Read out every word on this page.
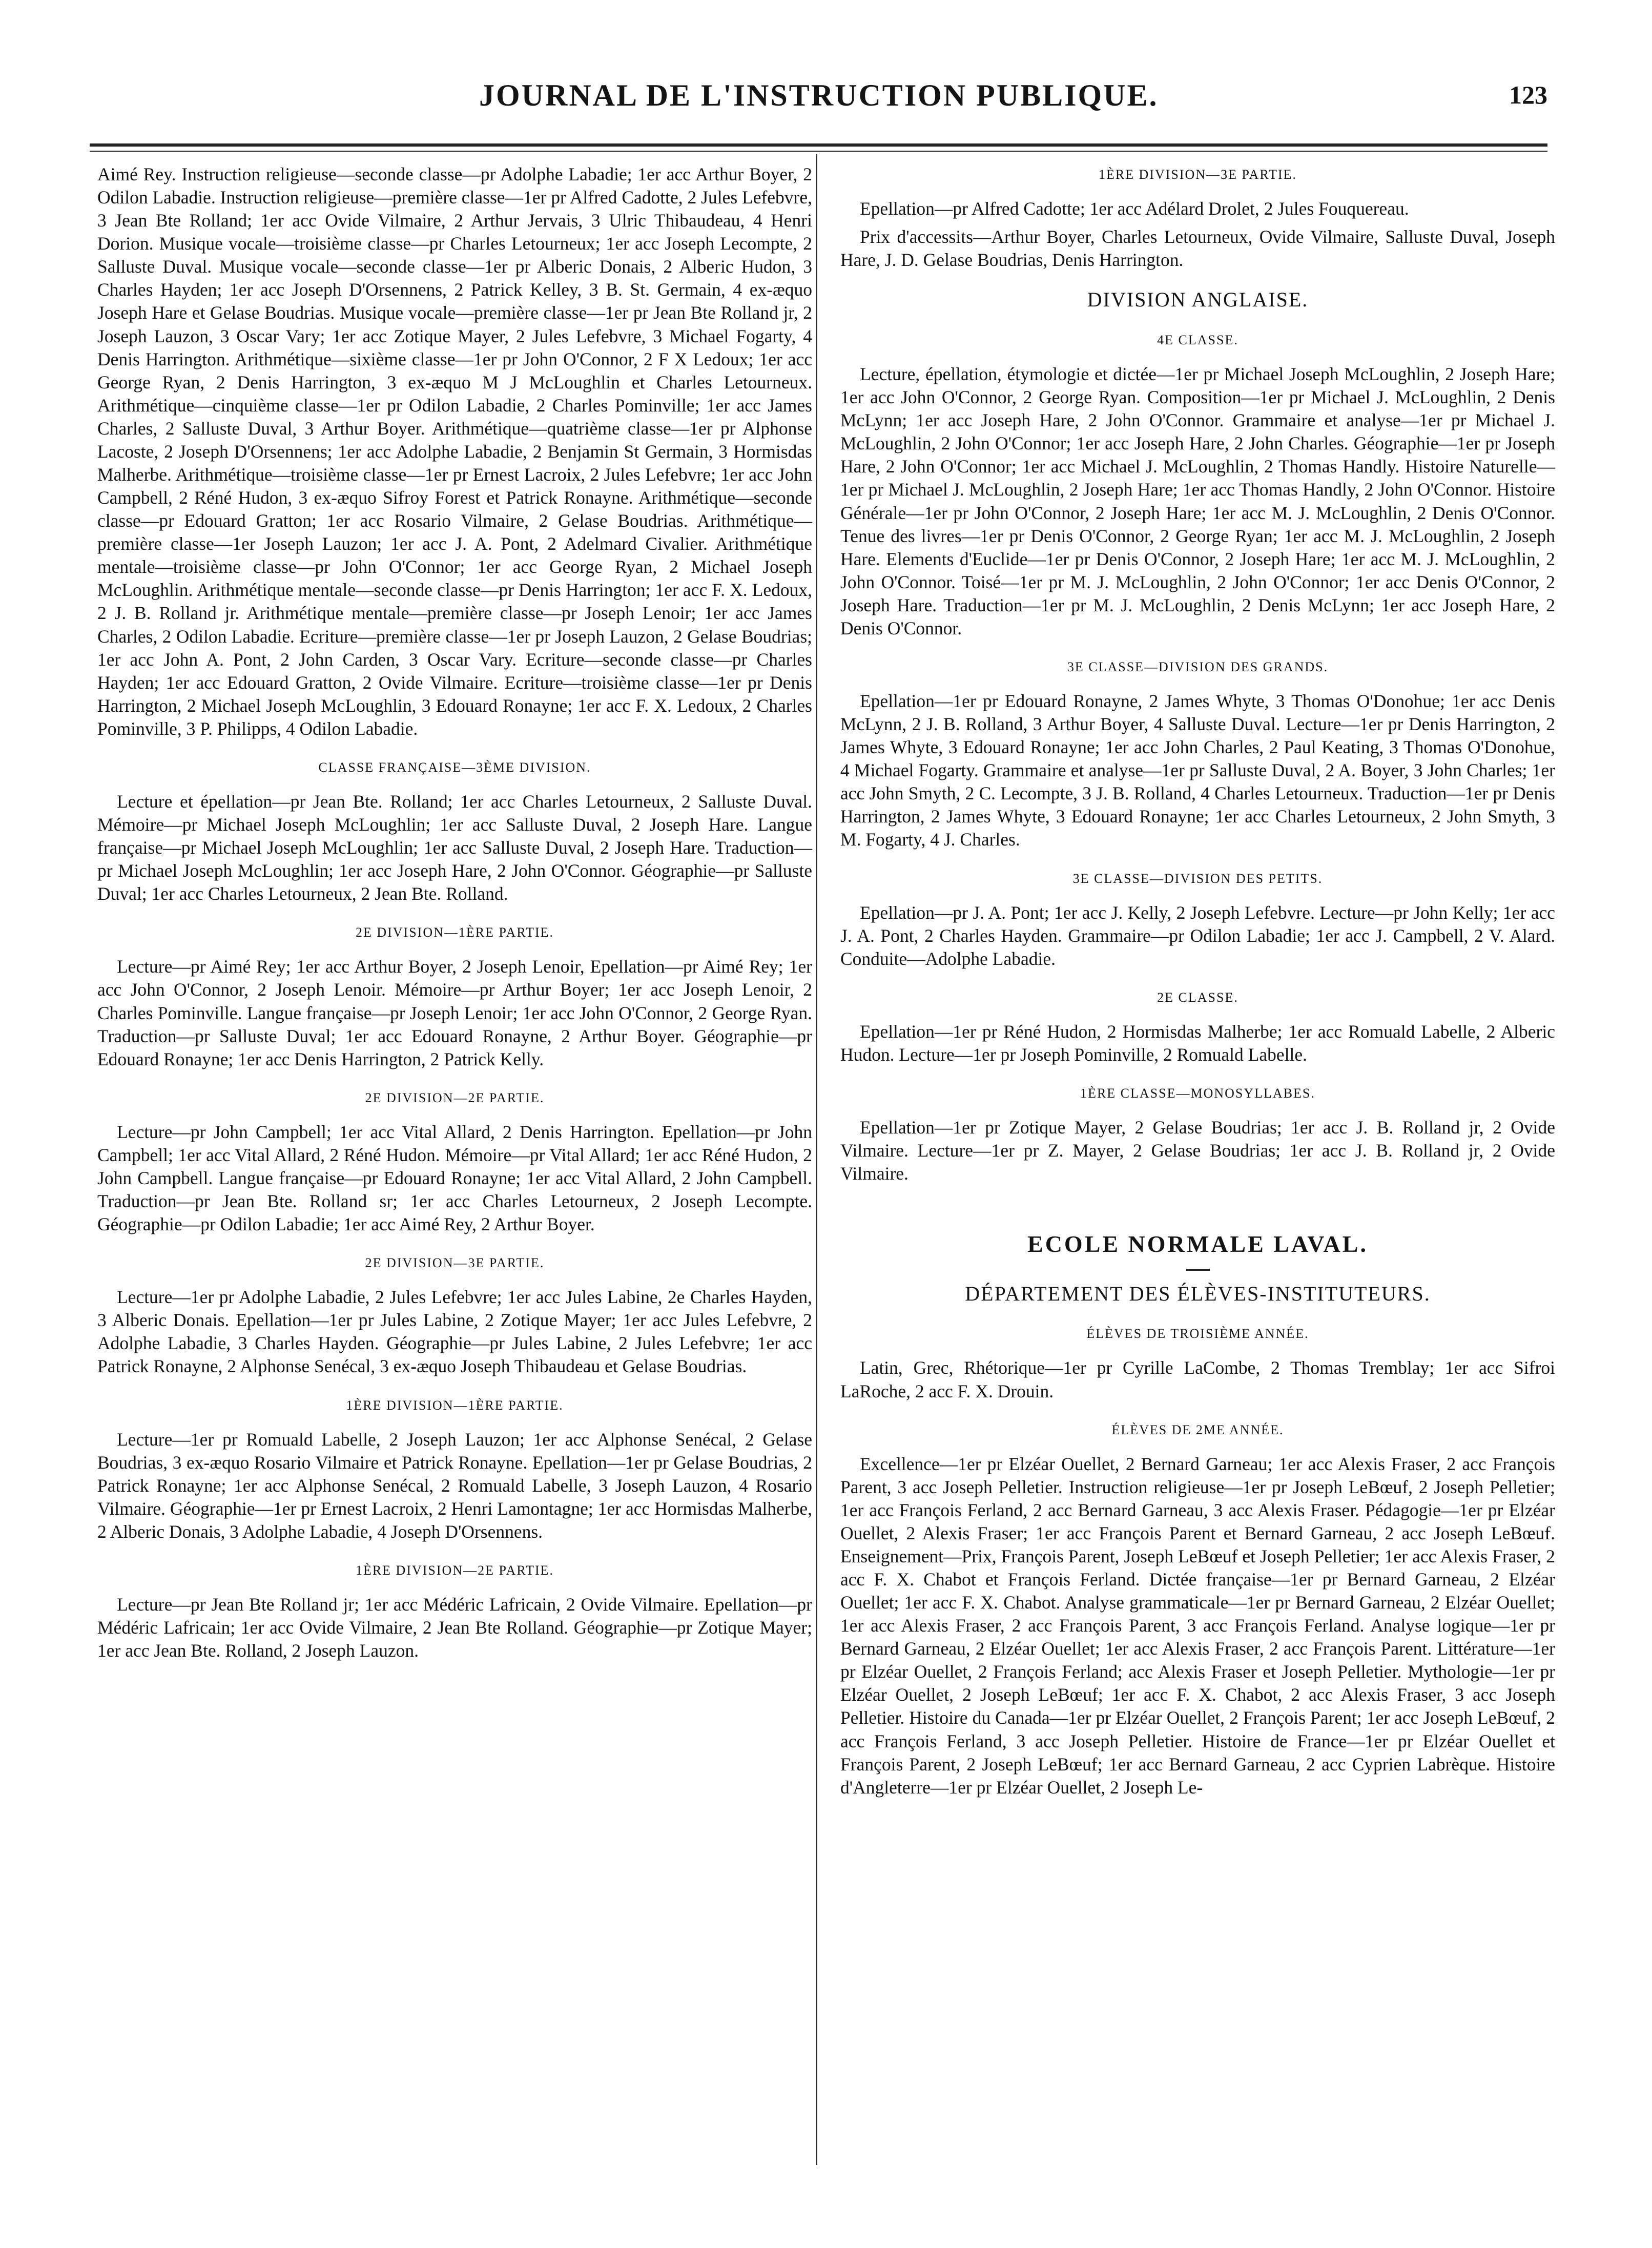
JOURNAL DE L'INSTRUCTION PUBLIQUE.	123

Aimé Rey. Instruction religieuse—seconde classe—pr Adolphe Labadie; 1er acc Arthur Boyer, 2 Odilon Labadie. Instruction religieuse—première classe—1er pr Alfred Cadotte, 2 Jules Lefebvre, 3 Jean Bte Rolland; 1er acc Ovide Vilmaire, 2 Arthur Jervais, 3 Ulric Thibaudeau, 4 Henri Dorion. Musique vocale—troisième classe—pr Charles Letourneux; 1er acc Joseph Lecompte, 2 Salluste Duval. Musique vocale—seconde classe—1er pr Alberic Donais, 2 Alberic Hudon, 3 Charles Hayden; 1er acc Joseph D'Orsennens, 2 Patrick Kelley, 3 B. St. Germain, 4 ex-æquo Joseph Hare et Gelase Boudrias. Musique vocale—première classe—1er pr Jean Bte Rolland jr, 2 Joseph Lauzon, 3 Oscar Vary; 1er acc Zotique Mayer, 2 Jules Lefebvre, 3 Michael Fogarty, 4 Denis Harrington. Arithmétique—sixième classe—1er pr John O'Connor, 2 F X Ledoux; 1er acc George Ryan, 2 Denis Harrington, 3 ex-æquo M J McLoughlin et Charles Letourneux. Arithmétique—cinquième classe—1er pr Odilon Labadie, 2 Charles Pominville; 1er acc James Charles, 2 Salluste Duval, 3 Arthur Boyer. Arithmétique—quatrième classe—1er pr Alphonse Lacoste, 2 Joseph D'Orsennens; 1er acc Adolphe Labadie, 2 Benjamin St Germain, 3 Hormisdas Malherbe. Arithmétique—troisième classe—1er pr Ernest Lacroix, 2 Jules Lefebvre; 1er acc John Campbell, 2 Réné Hudon, 3 ex-æquo Sifroy Forest et Patrick Ronayne. Arithmétique—seconde classe—pr Edouard Gratton; 1er acc Rosario Vilmaire, 2 Gelase Boudrias. Arithmétique—première classe—1er Joseph Lauzon; 1er acc J. A. Pont, 2 Adelmard Civalier. Arithmétique mentale—troisième classe—pr John O'Connor; 1er acc George Ryan, 2 Michael Joseph McLoughlin. Arithmétique mentale—seconde classe—pr Denis Harrington; 1er acc F. X. Ledoux, 2 J. B. Rolland jr. Arithmétique mentale—première classe—pr Joseph Lenoir; 1er acc James Charles, 2 Odilon Labadie. Ecriture—première classe—1er pr Joseph Lauzon, 2 Gelase Boudrias; 1er acc John A. Pont, 2 John Carden, 3 Oscar Vary. Ecriture—seconde classe—pr Charles Hayden; 1er acc Edouard Gratton, 2 Ovide Vilmaire. Ecriture—troisième classe—1er pr Denis Harrington, 2 Michael Joseph McLoughlin, 3 Edouard Ronayne; 1er acc F. X. Ledoux, 2 Charles Pominville, 3 P. Philipps, 4 Odilon Labadie.

CLASSE FRANÇAISE—3ÈME DIVISION.

Lecture et épellation—pr Jean Bte. Rolland; 1er acc Charles Letourneux, 2 Salluste Duval. Mémoire—pr Michael Joseph McLoughlin; 1er acc Salluste Duval, 2 Joseph Hare. Langue française—pr Michael Joseph McLoughlin; 1er acc Salluste Duval, 2 Joseph Hare. Traduction—pr Michael Joseph McLoughlin; 1er acc Joseph Hare, 2 John O'Connor. Géographie—pr Salluste Duval; 1er acc Charles Letourneux, 2 Jean Bte. Rolland.

2E DIVISION—1ÈRE PARTIE.

Lecture—pr Aimé Rey; 1er acc Arthur Boyer, 2 Joseph Lenoir, Epellation—pr Aimé Rey; 1er acc John O'Connor, 2 Joseph Lenoir. Mémoire—pr Arthur Boyer; 1er acc Joseph Lenoir, 2 Charles Pominville. Langue française—pr Joseph Lenoir; 1er acc John O'Connor, 2 George Ryan. Traduction—pr Salluste Duval; 1er acc Edouard Ronayne, 2 Arthur Boyer. Géographie—pr Edouard Ronayne; 1er acc Denis Harrington, 2 Patrick Kelly.

2E DIVISION—2E PARTIE.

Lecture—pr John Campbell; 1er acc Vital Allard, 2 Denis Harrington. Epellation—pr John Campbell; 1er acc Vital Allard, 2 Réné Hudon. Mémoire—pr Vital Allard; 1er acc Réné Hudon, 2 John Campbell. Langue française—pr Edouard Ronayne; 1er acc Vital Allard, 2 John Campbell. Traduction—pr Jean Bte. Rolland sr; 1er acc Charles Letourneux, 2 Joseph Lecompte. Géographie—pr Odilon Labadie; 1er acc Aimé Rey, 2 Arthur Boyer.

2E DIVISION—3E PARTIE.

Lecture—1er pr Adolphe Labadie, 2 Jules Lefebvre; 1er acc Jules Labine, 2e Charles Hayden, 3 Alberic Donais. Epellation—1er pr Jules Labine, 2 Zotique Mayer; 1er acc Jules Lefebvre, 2 Adolphe Labadie, 3 Charles Hayden. Géographie—pr Jules Labine, 2 Jules Lefebvre; 1er acc Patrick Ronayne, 2 Alphonse Senécal, 3 ex-æquo Joseph Thibaudeau et Gelase Boudrias.

1ÈRE DIVISION—1ÈRE PARTIE.

Lecture—1er pr Romuald Labelle, 2 Joseph Lauzon; 1er acc Alphonse Senécal, 2 Gelase Boudrias, 3 ex-æquo Rosario Vilmaire et Patrick Ronayne. Epellation—1er pr Gelase Boudrias, 2 Patrick Ronayne; 1er acc Alphonse Senécal, 2 Romuald Labelle, 3 Joseph Lauzon, 4 Rosario Vilmaire. Géographie—1er pr Ernest Lacroix, 2 Henri Lamontagne; 1er acc Hormisdas Malherbe, 2 Alberic Donais, 3 Adolphe Labadie, 4 Joseph D'Orsennens.

1ÈRE DIVISION—2E PARTIE.

Lecture—pr Jean Bte Rolland jr; 1er acc Médéric Lafricain, 2 Ovide Vilmaire. Epellation—pr Médéric Lafricain; 1er acc Ovide Vilmaire, 2 Jean Bte Rolland. Géographie—pr Zotique Mayer; 1er acc Jean Bte. Rolland, 2 Joseph Lauzon.

1ÈRE DIVISION—3E PARTIE.

Epellation—pr Alfred Cadotte; 1er acc Adélard Drolet, 2 Jules Fouquereau.

Prix d'accessits—Arthur Boyer, Charles Letourneux, Ovide Vilmaire, Salluste Duval, Joseph Hare, J. D. Gelase Boudrias, Denis Harrington.

DIVISION ANGLAISE.
4E CLASSE.

Lecture, épellation, étymologie et dictée—1er pr Michael Joseph McLoughlin, 2 Joseph Hare; 1er acc John O'Connor, 2 George Ryan. Composition—1er pr Michael J. McLoughlin, 2 Denis McLynn; 1er acc Joseph Hare, 2 John O'Connor. Grammaire et analyse—1er pr Michael J. McLoughlin, 2 John O'Connor; 1er acc Joseph Hare, 2 John Charles. Géographie—1er pr Joseph Hare, 2 John O'Connor; 1er acc Michael J. McLoughlin, 2 Thomas Handly. Histoire Naturelle—1er pr Michael J. McLoughlin, 2 Joseph Hare; 1er acc Thomas Handly, 2 John O'Connor. Histoire Générale—1er pr John O'Connor, 2 Joseph Hare; 1er acc M. J. McLoughlin, 2 Denis O'Connor. Tenue des livres—1er pr Denis O'Connor, 2 George Ryan; 1er acc M. J. McLoughlin, 2 Joseph Hare. Elements d'Euclide—1er pr Denis O'Connor, 2 Joseph Hare; 1er acc M. J. McLoughlin, 2 John O'Connor. Toisé—1er pr M. J. McLoughlin, 2 John O'Connor; 1er acc Denis O'Connor, 2 Joseph Hare. Traduction—1er pr M. J. McLoughlin, 2 Denis McLynn; 1er acc Joseph Hare, 2 Denis O'Connor.

3E CLASSE—DIVISION DES GRANDS.

Epellation—1er pr Edouard Ronayne, 2 James Whyte, 3 Thomas O'Donohue; 1er acc Denis McLynn, 2 J. B. Rolland, 3 Arthur Boyer, 4 Salluste Duval. Lecture—1er pr Denis Harrington, 2 James Whyte, 3 Edouard Ronayne; 1er acc John Charles, 2 Paul Keating, 3 Thomas O'Donohue, 4 Michael Fogarty. Grammaire et analyse—1er pr Salluste Duval, 2 A. Boyer, 3 John Charles; 1er acc John Smyth, 2 C. Lecompte, 3 J. B. Rolland, 4 Charles Letourneux. Traduction—1er pr Denis Harrington, 2 James Whyte, 3 Edouard Ronayne; 1er acc Charles Letourneux, 2 John Smyth, 3 M. Fogarty, 4 J. Charles.

3E CLASSE—DIVISION DES PETITS.

Epellation—pr J. A. Pont; 1er acc J. Kelly, 2 Joseph Lefebvre. Lecture—pr John Kelly; 1er acc J. A. Pont, 2 Charles Hayden. Grammaire—pr Odilon Labadie; 1er acc J. Campbell, 2 V. Alard. Conduite—Adolphe Labadie.

2E CLASSE.

Epellation—1er pr Réné Hudon, 2 Hormisdas Malherbe; 1er acc Romuald Labelle, 2 Alberic Hudon. Lecture—1er pr Joseph Pominville, 2 Romuald Labelle.

1ÈRE CLASSE—MONOSYLLABES.

Epellation—1er pr Zotique Mayer, 2 Gelase Boudrias; 1er acc J. B. Rolland jr, 2 Ovide Vilmaire. Lecture—1er pr Z. Mayer, 2 Gelase Boudrias; 1er acc J. B. Rolland jr, 2 Ovide Vilmaire.

ECOLE NORMALE LAVAL.
DÉPARTEMENT DES ÉLÈVES-INSTITUTEURS.
ÉLÈVES DE TROISIÈME ANNÉE.

Latin, Grec, Rhétorique—1er pr Cyrille LaCombe, 2 Thomas Tremblay; 1er acc Sifroi LaRoche, 2 acc F. X. Drouin.

ÉLÈVES DE 2ME ANNÉE.

Excellence—1er pr Elzéar Ouellet, 2 Bernard Garneau; 1er acc Alexis Fraser, 2 acc François Parent, 3 acc Joseph Pelletier. Instruction religieuse—1er pr Joseph LeBœuf, 2 Joseph Pelletier; 1er acc François Ferland, 2 acc Bernard Garneau, 3 acc Alexis Fraser. Pédagogie—1er pr Elzéar Ouellet, 2 Alexis Fraser; 1er acc François Parent et Bernard Garneau, 2 acc Joseph LeBœuf. Enseignement—Prix, François Parent, Joseph LeBœuf et Joseph Pelletier; 1er acc Alexis Fraser, 2 acc F. X. Chabot et François Ferland. Dictée française—1er pr Bernard Garneau, 2 Elzéar Ouellet; 1er acc F. X. Chabot. Analyse grammaticale—1er pr Bernard Garneau, 2 Elzéar Ouellet; 1er acc Alexis Fraser, 2 acc François Parent, 3 acc François Ferland. Analyse logique—1er pr Bernard Garneau, 2 Elzéar Ouellet; 1er acc Alexis Fraser, 2 acc François Parent. Littérature—1er pr Elzéar Ouellet, 2 François Ferland; acc Alexis Fraser et Joseph Pelletier. Mythologie—1er pr Elzéar Ouellet, 2 Joseph LeBœuf; 1er acc F. X. Chabot, 2 acc Alexis Fraser, 3 acc Joseph Pelletier. Histoire du Canada—1er pr Elzéar Ouellet, 2 François Parent; 1er acc Joseph LeBœuf, 2 acc François Ferland, 3 acc Joseph Pelletier. Histoire de France—1er pr Elzéar Ouellet et François Parent, 2 Joseph LeBœuf; 1er acc Bernard Garneau, 2 acc Cyprien Labrèque. Histoire d'Angleterre—1er pr Elzéar Ouellet, 2 Joseph Le-
